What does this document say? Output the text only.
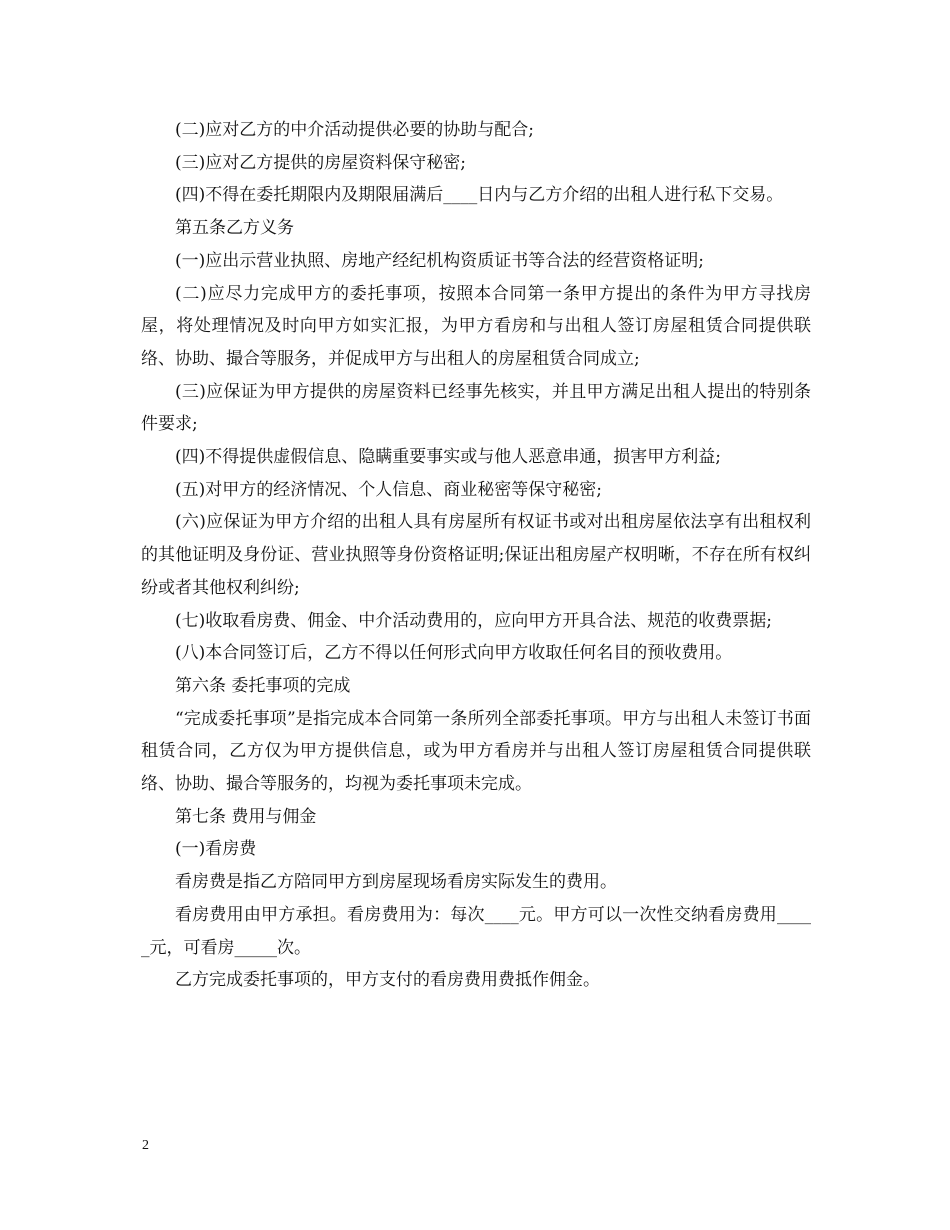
(二)应对乙方的中介活动提供必要的协助与配合;

(三)应对乙方提供的房屋资料保守秘密;

(四)不得在委托期限内及期限届满后____日内与乙方介绍的出租人进行私下交易。

第五条乙方义务

(一)应出示营业执照、房地产经纪机构资质证书等合法的经营资格证明;

(二)应尽力完成甲方的委托事项，按照本合同第一条甲方提出的条件为甲方寻找房屋，将处理情况及时向甲方如实汇报，为甲方看房和与出租人签订房屋租赁合同提供联络、协助、撮合等服务，并促成甲方与出租人的房屋租赁合同成立;

(三)应保证为甲方提供的房屋资料已经事先核实，并且甲方满足出租人提出的特别条件要求;

(四)不得提供虚假信息、隐瞒重要事实或与他人恶意串通，损害甲方利益;

(五)对甲方的经济情况、个人信息、商业秘密等保守秘密;

(六)应保证为甲方介绍的出租人具有房屋所有权证书或对出租房屋依法享有出租权利的其他证明及身份证、营业执照等身份资格证明;保证出租房屋产权明晰，不存在所有权纠纷或者其他权利纠纷;

(七)收取看房费、佣金、中介活动费用的，应向甲方开具合法、规范的收费票据;

(八)本合同签订后，乙方不得以任何形式向甲方收取任何名目的预收费用。

第六条 委托事项的完成

“完成委托事项”是指完成本合同第一条所列全部委托事项。甲方与出租人未签订书面租赁合同，乙方仅为甲方提供信息，或为甲方看房并与出租人签订房屋租赁合同提供联络、协助、撮合等服务的，均视为委托事项未完成。

第七条 费用与佣金

(一)看房费

看房费是指乙方陪同甲方到房屋现场看房实际发生的费用。

看房费用由甲方承担。看房费用为：每次____元。甲方可以一次性交纳看房费用_____元，可看房_____次。

乙方完成委托事项的，甲方支付的看房费用费抵作佣金。

2
